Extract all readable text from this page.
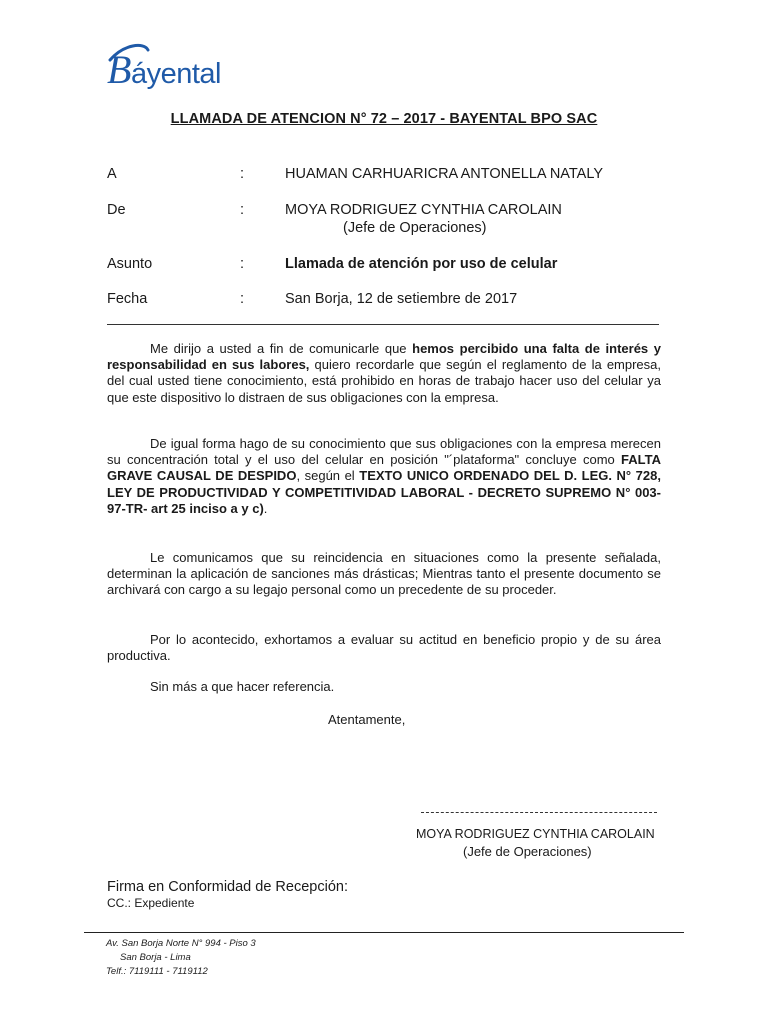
Báyental
LLAMADA DE ATENCION N° 72 – 2017 - BAYENTAL BPO SAC
A	:	HUAMAN CARHUARICRA ANTONELLA NATALY
De	:	MOYA RODRIGUEZ CYNTHIA CAROLAIN
(Jefe de Operaciones)
Asunto	:	Llamada de atención por uso de celular
Fecha	:	San Borja, 12 de setiembre de 2017
Me dirijo a usted a fin de comunicarle que hemos percibido una falta de interés y responsabilidad en sus labores, quiero recordarle que según el reglamento de la empresa, del cual usted tiene conocimiento, está prohibido en horas de trabajo hacer uso del celular ya que este dispositivo lo distraen de sus obligaciones con la empresa.
De igual forma hago de su conocimiento que sus obligaciones con la empresa merecen su concentración total y el uso del celular en posición "´plataforma" concluye como FALTA GRAVE CAUSAL DE DESPIDO, según el TEXTO UNICO ORDENADO DEL D. LEG. N° 728, LEY DE PRODUCTIVIDAD Y COMPETITIVIDAD LABORAL - DECRETO SUPREMO N° 003-97-TR- art 25 inciso a y c).
Le comunicamos que su reincidencia en situaciones como la presente señalada, determinan la aplicación de sanciones más drásticas; Mientras tanto el presente documento se archivará con cargo a su legajo personal como un precedente de su proceder.
Por lo acontecido, exhortamos a evaluar su actitud en beneficio propio y de su área productiva.
Sin más a que hacer referencia.
Atentamente,
MOYA RODRIGUEZ CYNTHIA CAROLAIN
(Jefe de Operaciones)
Firma en Conformidad de Recepción:
CC.: Expediente
Av. San Borja Norte N° 994 - Piso 3
San Borja - Lima
Telf.: 7119111 - 7119112
